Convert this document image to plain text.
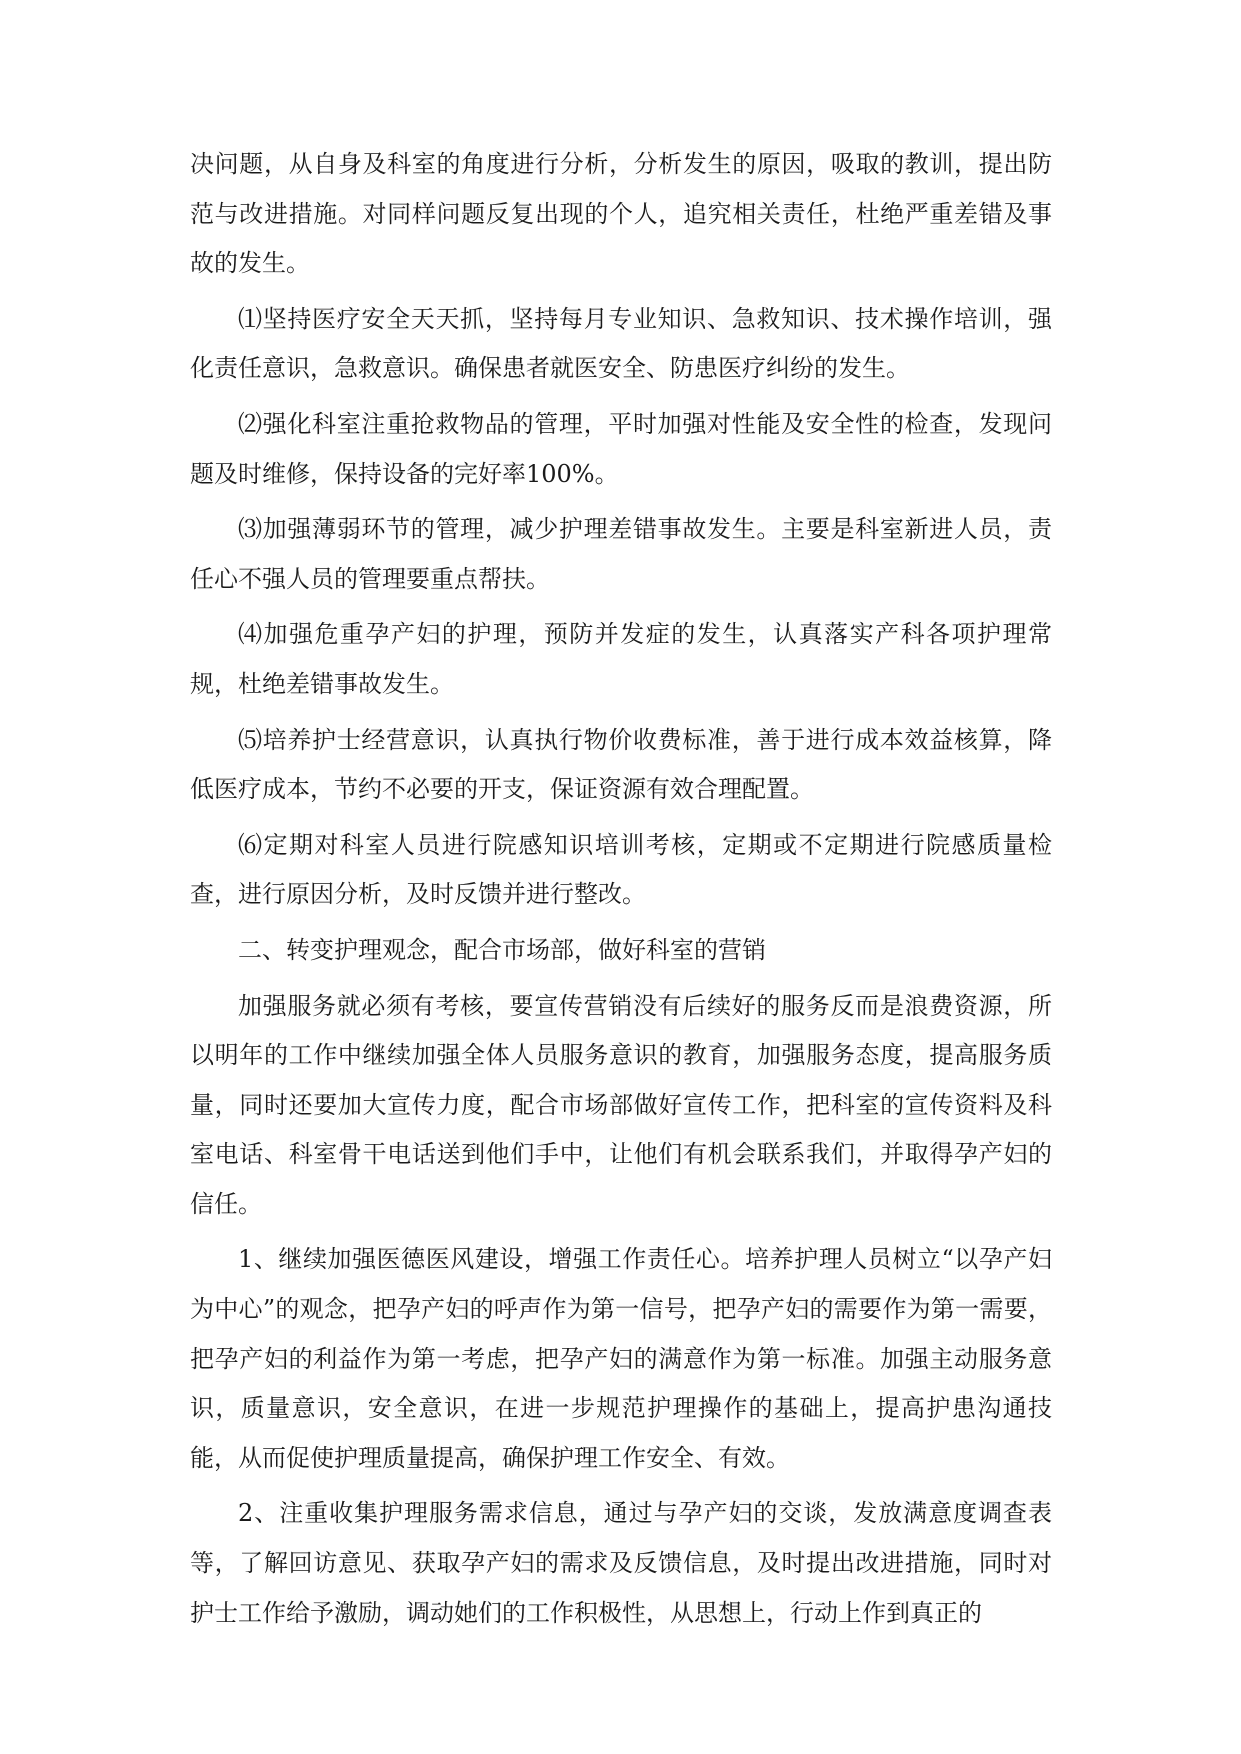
决问题，从自身及科室的角度进行分析，分析发生的原因，吸取的教训，提出防范与改进措施。对同样问题反复出现的个人，追究相关责任，杜绝严重差错及事故的发生。

⑴坚持医疗安全天天抓，坚持每月专业知识、急救知识、技术操作培训，强化责任意识，急救意识。确保患者就医安全、防患医疗纠纷的发生。

⑵强化科室注重抢救物品的管理，平时加强对性能及安全性的检查，发现问题及时维修，保持设备的完好率100%。

⑶加强薄弱环节的管理，减少护理差错事故发生。主要是科室新进人员，责任心不强人员的管理要重点帮扶。

⑷加强危重孕产妇的护理，预防并发症的发生，认真落实产科各项护理常规，杜绝差错事故发生。

⑸培养护士经营意识，认真执行物价收费标准，善于进行成本效益核算，降低医疗成本，节约不必要的开支，保证资源有效合理配置。

⑹定期对科室人员进行院感知识培训考核，定期或不定期进行院感质量检查，进行原因分析，及时反馈并进行整改。

二、转变护理观念，配合市场部，做好科室的营销

加强服务就必须有考核，要宣传营销没有后续好的服务反而是浪费资源，所以明年的工作中继续加强全体人员服务意识的教育，加强服务态度，提高服务质量，同时还要加大宣传力度，配合市场部做好宣传工作，把科室的宣传资料及科室电话、科室骨干电话送到他们手中，让他们有机会联系我们，并取得孕产妇的信任。

1、继续加强医德医风建设，增强工作责任心。培养护理人员树立“以孕产妇为中心”的观念，把孕产妇的呼声作为第一信号，把孕产妇的需要作为第一需要，把孕产妇的利益作为第一考虑，把孕产妇的满意作为第一标准。加强主动服务意识，质量意识，安全意识，在进一步规范护理操作的基础上，提高护患沟通技能，从而促使护理质量提高，确保护理工作安全、有效。

2、注重收集护理服务需求信息，通过与孕产妇的交谈，发放满意度调查表等，了解回访意见、获取孕产妇的需求及反馈信息，及时提出改进措施，同时对护士工作给予激励，调动她们的工作积极性，从思想上，行动上作到真正的
